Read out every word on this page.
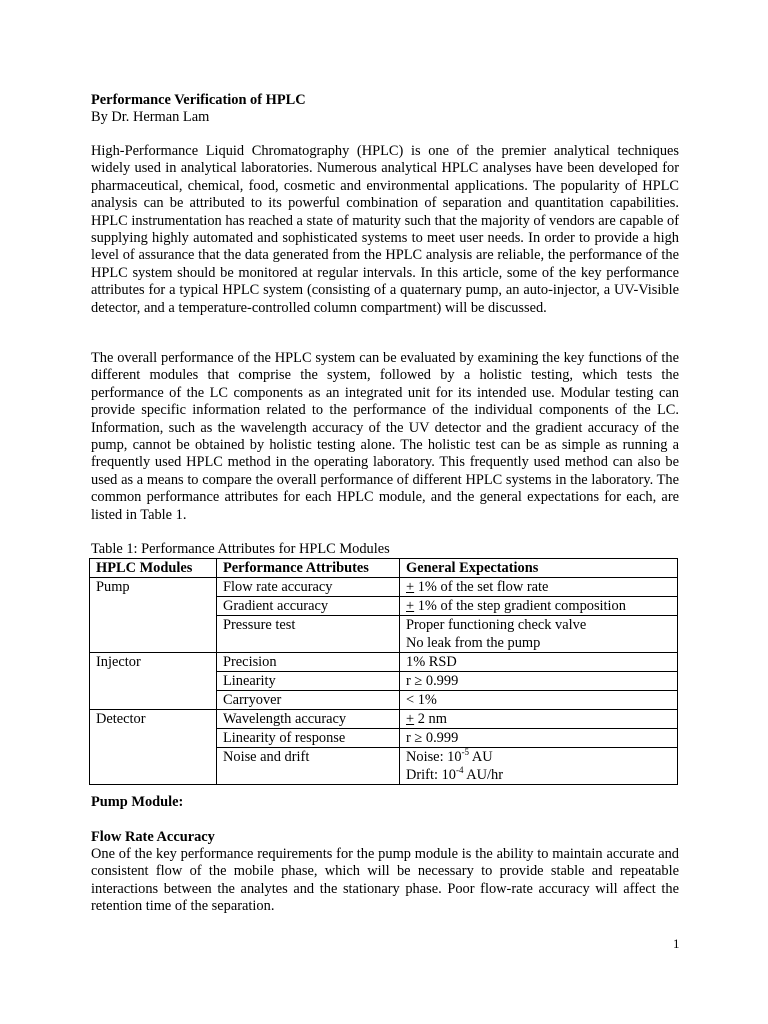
Performance Verification of HPLC
By Dr. Herman Lam

High-Performance Liquid Chromatography (HPLC) is one of the premier analytical techniques widely used in analytical laboratories. Numerous analytical HPLC analyses have been developed for pharmaceutical, chemical, food, cosmetic and environmental applications. The popularity of HPLC analysis can be attributed to its powerful combination of separation and quantitation capabilities. HPLC instrumentation has reached a state of maturity such that the majority of vendors are capable of supplying highly automated and sophisticated systems to meet user needs. In order to provide a high level of assurance that the data generated from the HPLC analysis are reliable, the performance of the HPLC system should be monitored at regular intervals. In this article, some of the key performance attributes for a typical HPLC system (consisting of a quaternary pump, an auto-injector, a UV-Visible detector, and a temperature-controlled column compartment) will be discussed.

The overall performance of the HPLC system can be evaluated by examining the key functions of the different modules that comprise the system, followed by a holistic testing, which tests the performance of the LC components as an integrated unit for its intended use. Modular testing can provide specific information related to the performance of the individual components of the LC. Information, such as the wavelength accuracy of the UV detector and the gradient accuracy of the pump, cannot be obtained by holistic testing alone. The holistic test can be as simple as running a frequently used HPLC method in the operating laboratory. This frequently used method can also be used as a means to compare the overall performance of different HPLC systems in the laboratory. The common performance attributes for each HPLC module, and the general expectations for each, are listed in Table 1.

Table 1: Performance Attributes for HPLC Modules
HPLC Modules	Performance Attributes	General Expectations
Pump	Flow rate accuracy	+ 1% of the set flow rate
	Gradient accuracy	+ 1% of the step gradient composition
	Pressure test	Proper functioning check valve
No leak from the pump

Injector	Precision	1% RSD
	Linearity	r ≥ 0.999
	Carryover	< 1%
Detector	Wavelength accuracy	+ 2 nm
	Linearity of response	r ≥ 0.999
	Noise and drift	Noise: $10^{-5}$ AU
Drift: $10^{-4}$ AU/hr
Pump Module:
Flow Rate Accuracy

One of the key performance requirements for the pump module is the ability to maintain accurate and consistent flow of the mobile phase, which will be necessary to provide stable and repeatable interactions between the analytes and the stationary phase. Poor flow-rate accuracy will affect the retention time of the separation.

1
